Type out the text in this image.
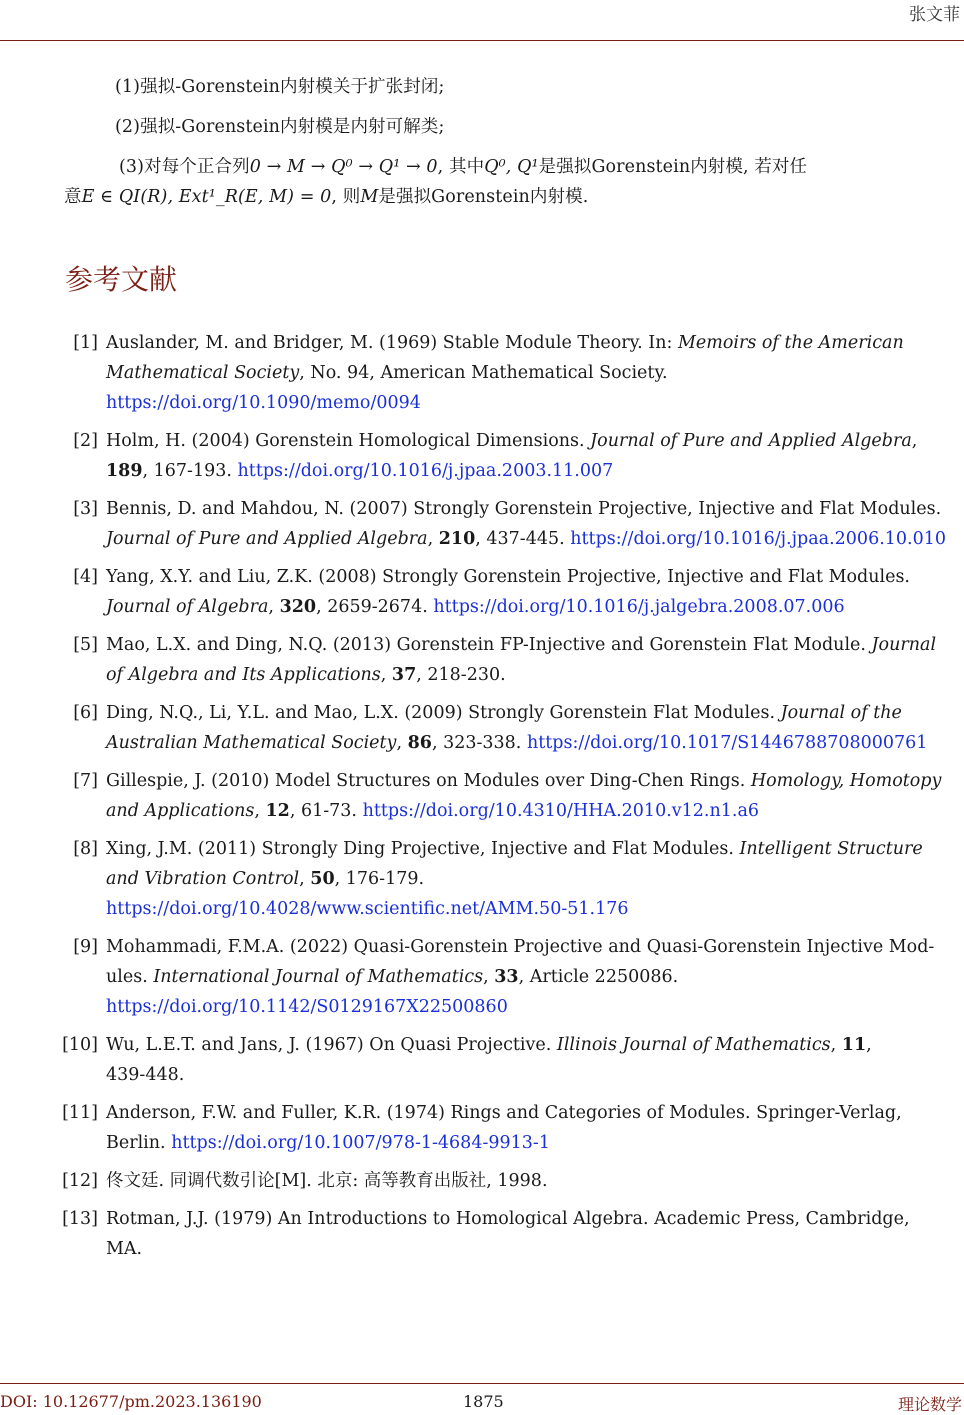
张文菲
(1)强拟-Gorenstein内射模关于扩张封闭;
(2)强拟-Gorenstein内射模是内射可解类;
(3)对每个正合列0 → M → Q⁰ → Q¹ → 0, 其中Q⁰, Q¹是强拟Gorenstein内射模, 若对任
意E ∈ QI(R), Ext¹_R(E, M) = 0, 则M是强拟Gorenstein内射模.
参考文献
[1] Auslander, M. and Bridger, M. (1969) Stable Module Theory. In: Memoirs of the American
Mathematical Society, No. 94, American Mathematical Society.
https://doi.org/10.1090/memo/0094
[2] Holm, H. (2004) Gorenstein Homological Dimensions. Journal of Pure and Applied Algebra,
189, 167-193. https://doi.org/10.1016/j.jpaa.2003.11.007
[3] Bennis, D. and Mahdou, N. (2007) Strongly Gorenstein Projective, Injective and Flat Modules.
Journal of Pure and Applied Algebra, 210, 437-445. https://doi.org/10.1016/j.jpaa.2006.10.010
[4] Yang, X.Y. and Liu, Z.K. (2008) Strongly Gorenstein Projective, Injective and Flat Modules.
Journal of Algebra, 320, 2659-2674. https://doi.org/10.1016/j.jalgebra.2008.07.006
[5] Mao, L.X. and Ding, N.Q. (2013) Gorenstein FP-Injective and Gorenstein Flat Module. Journal
of Algebra and Its Applications, 37, 218-230.
[6] Ding, N.Q., Li, Y.L. and Mao, L.X. (2009) Strongly Gorenstein Flat Modules. Journal of the
Australian Mathematical Society, 86, 323-338. https://doi.org/10.1017/S1446788708000761
[7] Gillespie, J. (2010) Model Structures on Modules over Ding-Chen Rings. Homology, Homotopy
and Applications, 12, 61-73. https://doi.org/10.4310/HHA.2010.v12.n1.a6
[8] Xing, J.M. (2011) Strongly Ding Projective, Injective and Flat Modules. Intelligent Structure
and Vibration Control, 50, 176-179.
https://doi.org/10.4028/www.scientific.net/AMM.50-51.176
[9] Mohammadi, F.M.A. (2022) Quasi-Gorenstein Projective and Quasi-Gorenstein Injective Mod-
ules. International Journal of Mathematics, 33, Article 2250086.
https://doi.org/10.1142/S0129167X22500860
[10] Wu, L.E.T. and Jans, J. (1967) On Quasi Projective. Illinois Journal of Mathematics, 11,
439-448.
[11] Anderson, F.W. and Fuller, K.R. (1974) Rings and Categories of Modules. Springer-Verlag,
Berlin. https://doi.org/10.1007/978-1-4684-9913-1
[12] 佟文廷. 同调代数引论[M]. 北京: 高等教育出版社, 1998.
[13] Rotman, J.J. (1979) An Introductions to Homological Algebra. Academic Press, Cambridge,
MA.
DOI: 10.12677/pm.2023.136190	1875	理论数学
